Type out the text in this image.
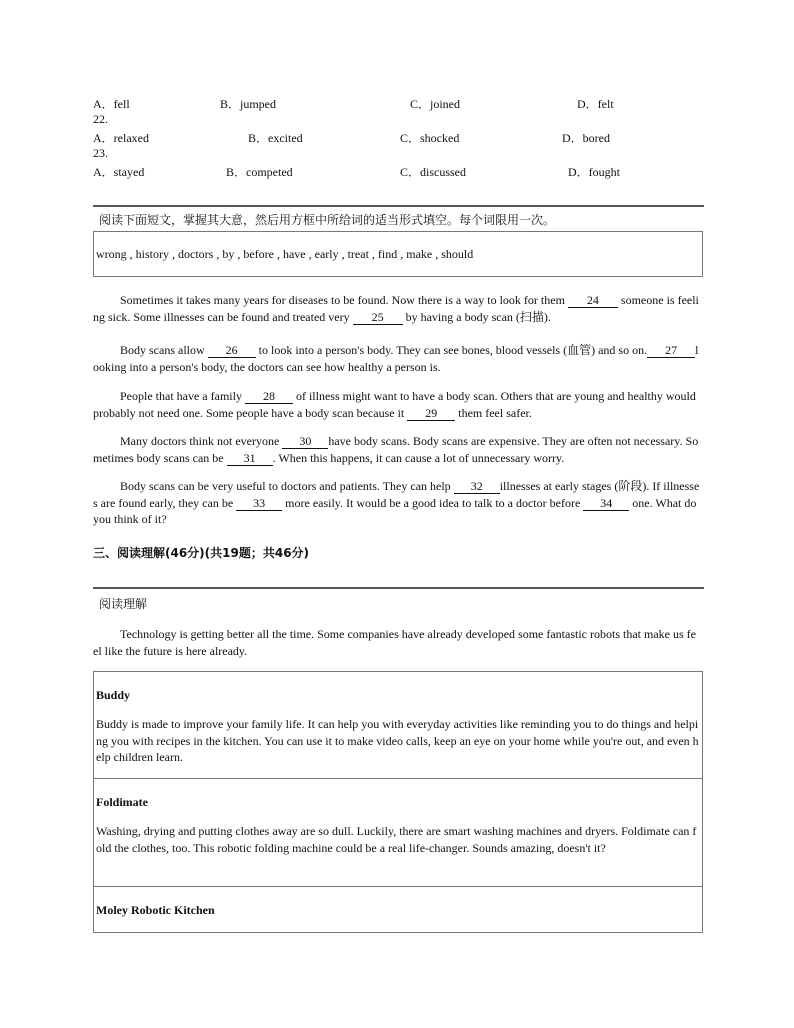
A．fell	B．jumped	C．joined	D．felt
22.
A．relaxed	B．excited	C．shocked	D．bored
23.
A．stayed	B．competed	C．discussed	D．fought
阅读下面短文，掌握其大意，然后用方框中所给词的适当形式填空。每个词限用一次。
wrong , history , doctors , by , before , have , early , treat , find , make , should
Sometimes it takes many years for diseases to be found. Now there is a way to look for them 24 someone is feeling sick. Some illnesses can be found and treated very 25 by having a body scan (扫描).
Body scans allow 26 to look into a person's body. They can see bones, blood vessels (血管) and so on. 27 looking into a person's body, the doctors can see how healthy a person is.
People that have a family 28 of illness might want to have a body scan. Others that are young and healthy would probably not need one. Some people have a body scan because it 29 them feel safer.
Many doctors think not everyone 30 have body scans. Body scans are expensive. They are often not necessary. Sometimes body scans can be 31 . When this happens, it can cause a lot of unnecessary worry.
Body scans can be very useful to doctors and patients. They can help 32 illnesses at early stages (阶段). If illnesses are found early, they can be 33 more easily. It would be a good idea to talk to a doctor before 34 one. What do you think of it?
三、阅读理解(46分)(共19题；共46分)
阅读理解
Technology is getting better all the time. Some companies have already developed some fantastic robots that make us feel like the future is here already.
Buddy
Buddy is made to improve your family life. It can help you with everyday activities like reminding you to do things and helping you with recipes in the kitchen. You can use it to make video calls, keep an eye on your home while you're out, and even help children learn.
Foldimate
Washing, drying and putting clothes away are so dull. Luckily, there are smart washing machines and dryers. Foldimate can fold the clothes, too. This robotic folding machine could be a real life-changer. Sounds amazing, doesn't it?
Moley Robotic Kitchen
